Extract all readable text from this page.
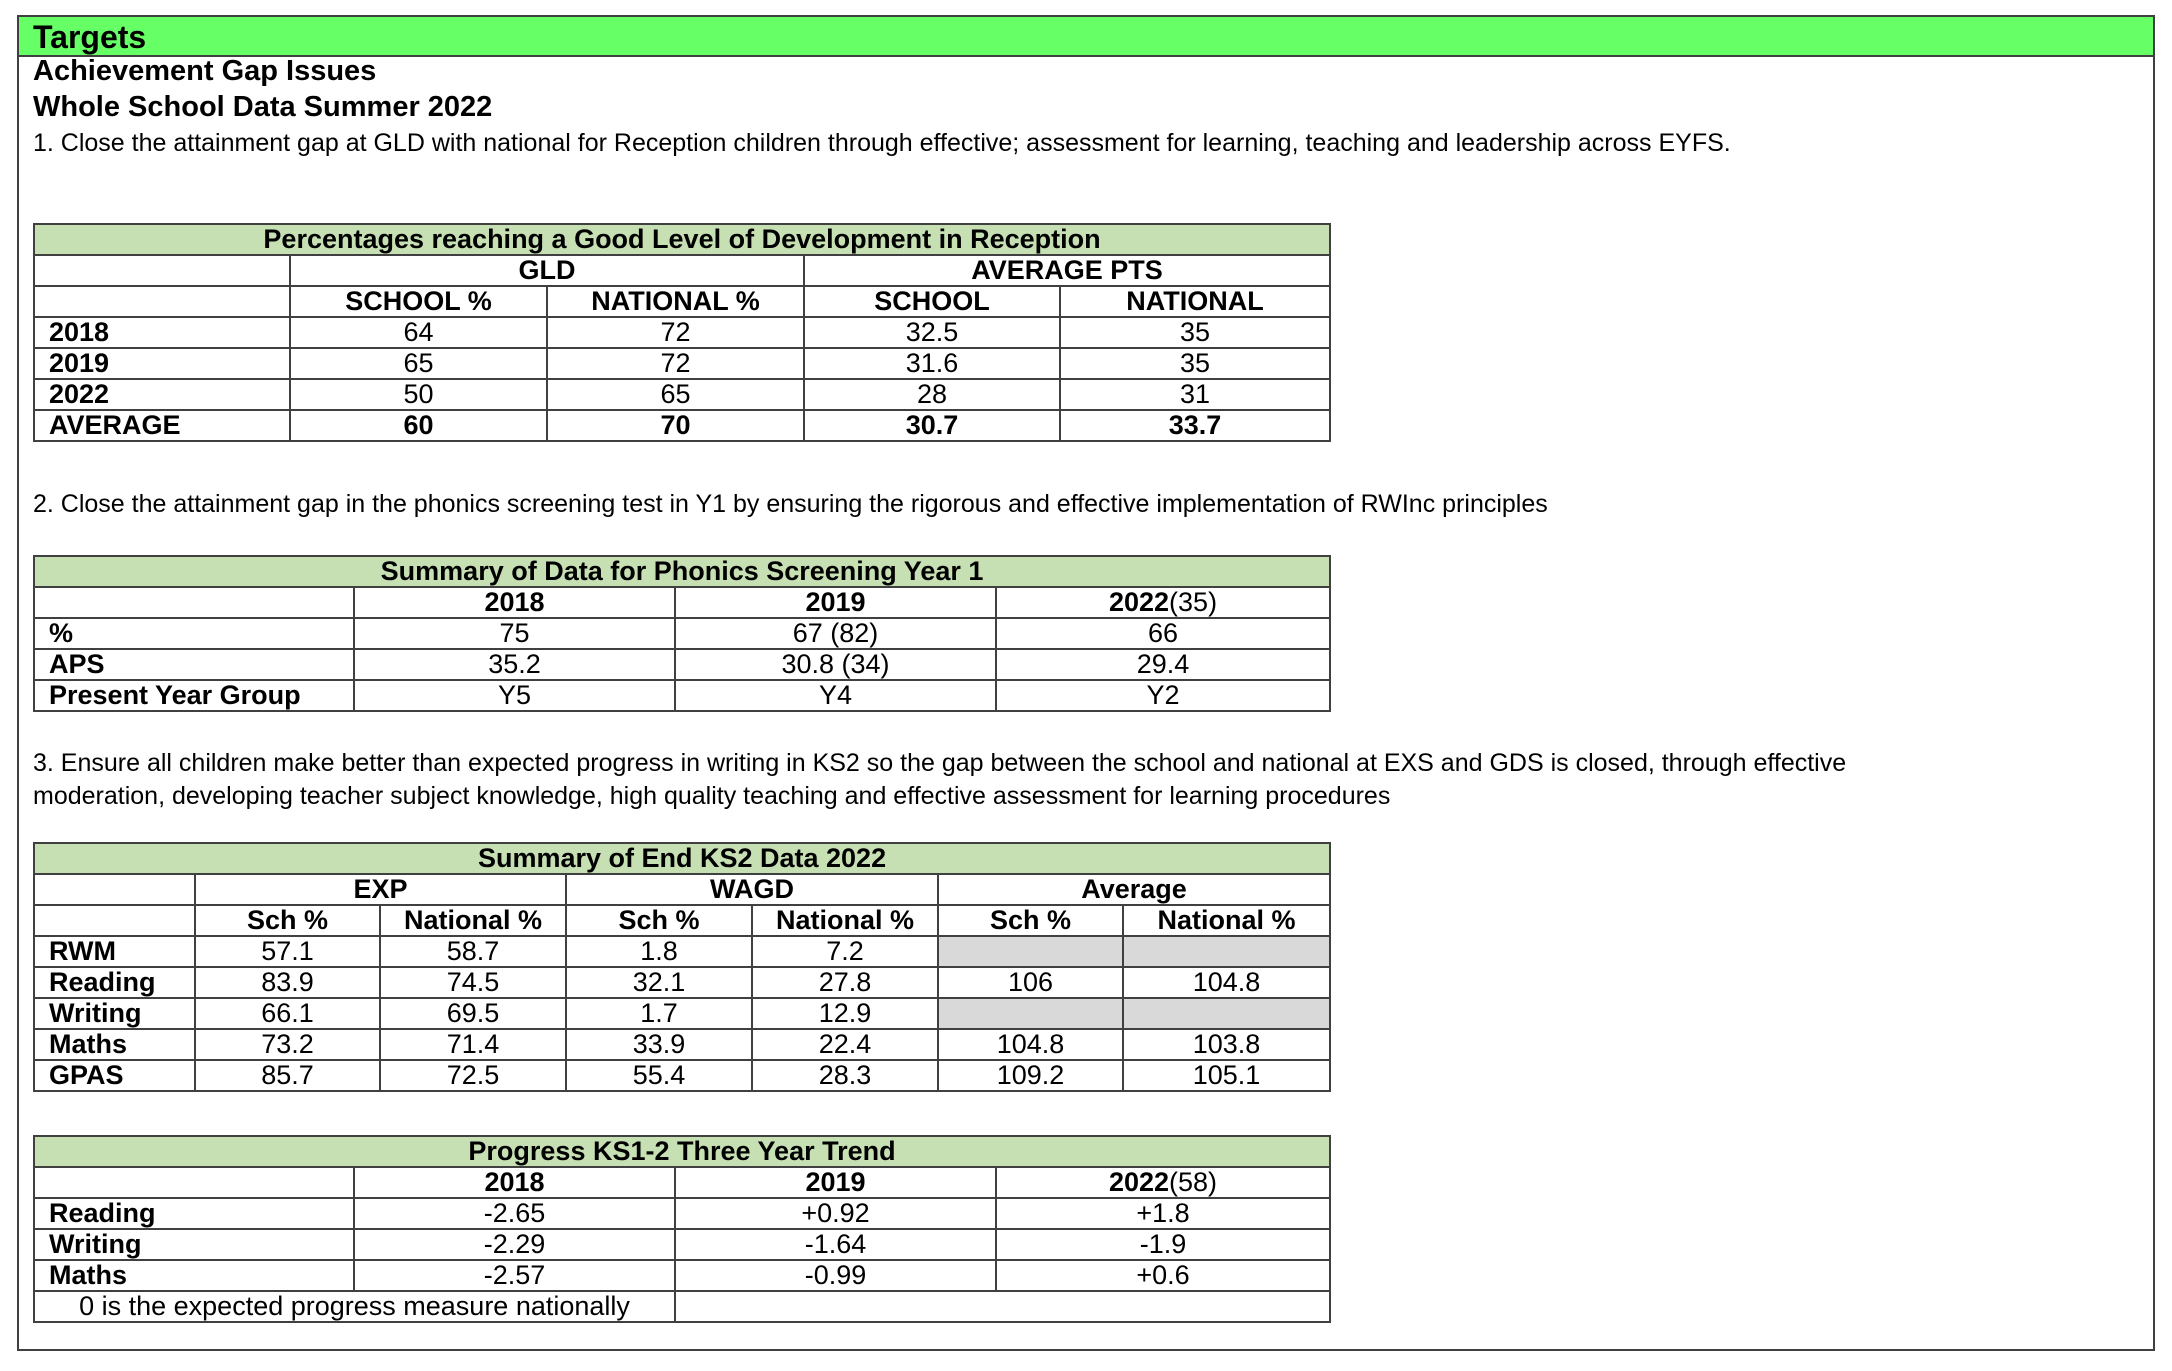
Targets
Achievement Gap Issues
Whole School Data Summer 2022
1. Close the attainment gap at GLD with national for Reception children through effective; assessment for learning, teaching and leadership across EYFS.
Percentages reaching a Good Level of Development in Reception				
	GLD		AVERAGE PTS	
	SCHOOL %	NATIONAL %	SCHOOL	NATIONAL
2018	64	72	32.5	35
2019	65	72	31.6	35
2022	50	65	28	31
AVERAGE	60	70	30.7	33.7
2. Close the attainment gap in the phonics screening test in Y1 by ensuring the rigorous and effective implementation of RWInc principles
Summary of Data for Phonics Screening Year 1			
	2018	2019	2022(35)
%	75	67 (82)	66
APS	35.2	30.8 (34)	29.4
Present Year Group	Y5	Y4	Y2
3. Ensure all children make better than expected progress in writing in KS2 so the gap between the school and national at EXS and GDS is closed, through effective
moderation, developing teacher subject knowledge, high quality teaching and effective assessment for learning procedures
Summary of End KS2 Data 2022						
	EXP		WAGD		Average	
	Sch %	National %	Sch %	National %	Sch %	National %
RWM	57.1	58.7	1.8	7.2		
Reading	83.9	74.5	32.1	27.8	106	104.8
Writing	66.1	69.5	1.7	12.9		
Maths	73.2	71.4	33.9	22.4	104.8	103.8
GPAS	85.7	72.5	55.4	28.3	109.2	105.1
Progress KS1-2 Three Year Trend			
	2018	2019	2022(58)
Reading	-2.65	+0.92	+1.8
Writing	-2.29	-1.64	-1.9
Maths	-2.57	-0.99	+0.6
0 is the expected progress measure nationally			
